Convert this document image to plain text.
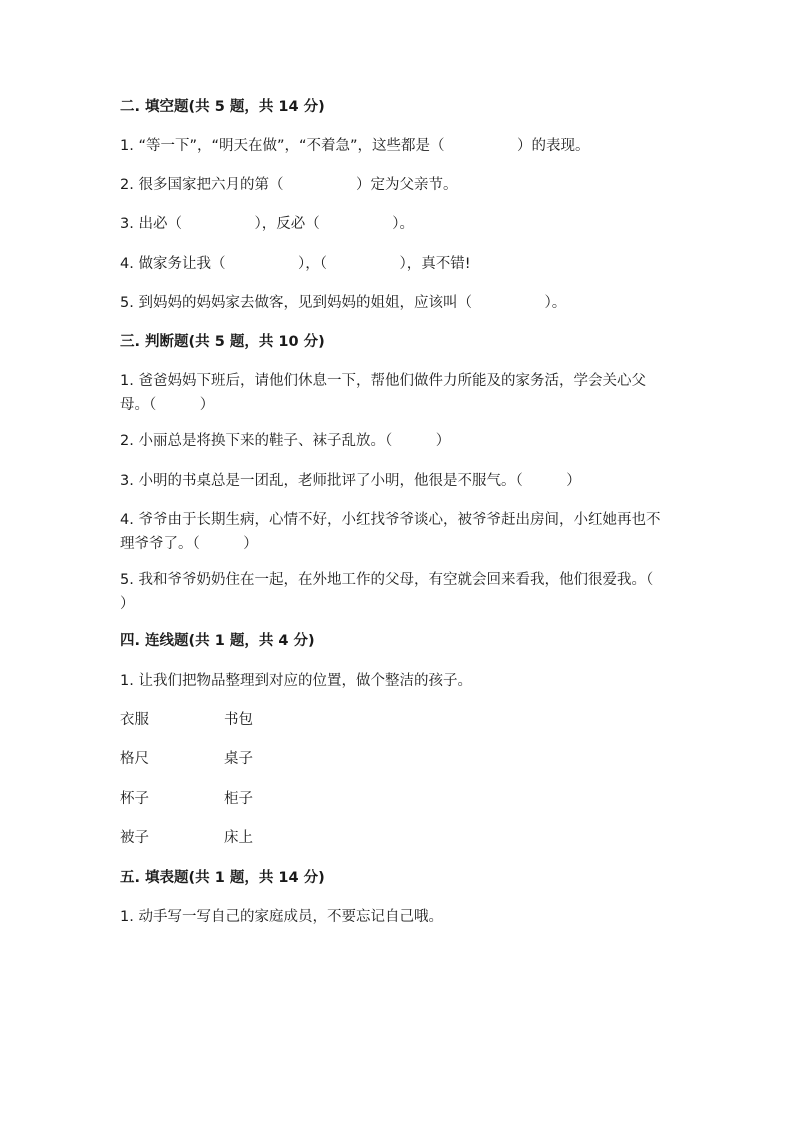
二. 填空题(共 5 题，共 14 分)
1. “等一下”，“明天在做”，“不着急”，这些都是（　　　　　）的表现。
2. 很多国家把六月的第（　　　　　）定为父亲节。
3. 出必（　　　　　），反必（　　　　　）。
4. 做家务让我（　　　　　），（　　　　　），真不错!
5. 到妈妈的妈妈家去做客，见到妈妈的姐姐，应该叫（　　　　　）。
三. 判断题(共 5 题，共 10 分)
1. 爸爸妈妈下班后，请他们休息一下，帮他们做件力所能及的家务活，学会关心父母。（　　　）
2. 小丽总是将换下来的鞋子、袜子乱放。（　　　）
3. 小明的书桌总是一团乱，老师批评了小明，他很是不服气。（　　　）
4. 爷爷由于长期生病，心情不好，小红找爷爷谈心，被爷爷赶出房间，小红她再也不理爷爷了。（　　　）
5. 我和爷爷奶奶住在一起，在外地工作的父母，有空就会回来看我，他们很爱我。（　　　）
四. 连线题(共 1 题，共 4 分)
1. 让我们把物品整理到对应的位置，做个整洁的孩子。
衣服	书包
格尺	桌子
杯子	柜子
被子	床上
五. 填表题(共 1 题，共 14 分)
1. 动手写一写自己的家庭成员，不要忘记自己哦。
